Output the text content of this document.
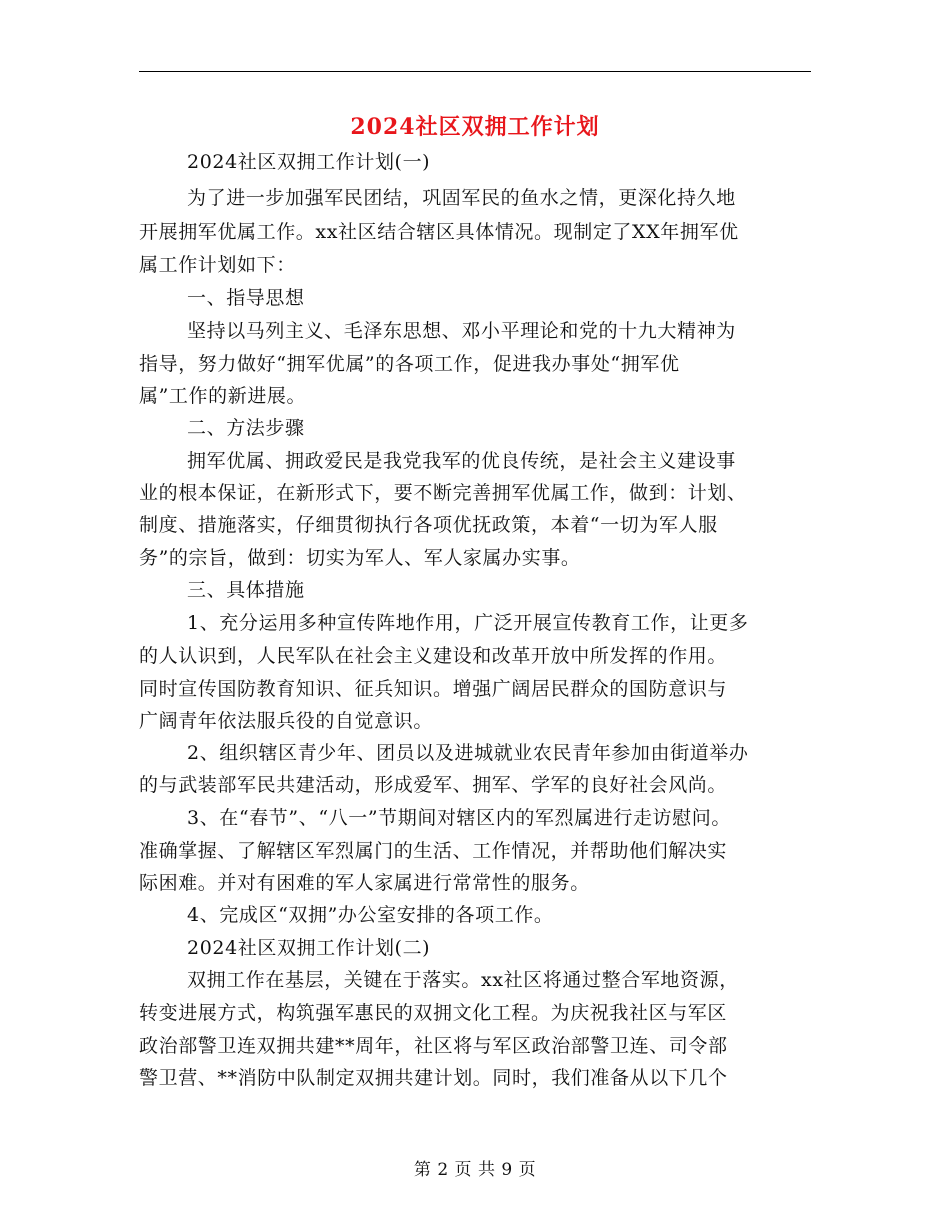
2024社区双拥工作计划
2024社区双拥工作计划(一)
为了进一步加强军民团结，巩固军民的鱼水之情，更深化持久地
开展拥军优属工作。xx社区结合辖区具体情况。现制定了XX年拥军优
属工作计划如下：
一、指导思想
坚持以马列主义、毛泽东思想、邓小平理论和党的十九大精神为
指导，努力做好“拥军优属”的各项工作，促进我办事处“拥军优
属”工作的新进展。
二、方法步骤
拥军优属、拥政爱民是我党我军的优良传统，是社会主义建设事
业的根本保证，在新形式下，要不断完善拥军优属工作，做到：计划、
制度、措施落实，仔细贯彻执行各项优抚政策，本着“一切为军人服
务”的宗旨，做到：切实为军人、军人家属办实事。
三、具体措施
1、充分运用多种宣传阵地作用，广泛开展宣传教育工作，让更多
的人认识到，人民军队在社会主义建设和改革开放中所发挥的作用。
同时宣传国防教育知识、征兵知识。增强广阔居民群众的国防意识与
广阔青年依法服兵役的自觉意识。
2、组织辖区青少年、团员以及进城就业农民青年参加由街道举办
的与武装部军民共建活动，形成爱军、拥军、学军的良好社会风尚。
3、在“春节”、“八一”节期间对辖区内的军烈属进行走访慰问。
准确掌握、了解辖区军烈属门的生活、工作情况，并帮助他们解决实
际困难。并对有困难的军人家属进行常常性的服务。
4、完成区“双拥”办公室安排的各项工作。
2024社区双拥工作计划(二)
双拥工作在基层，关键在于落实。xx社区将通过整合军地资源，
转变进展方式，构筑强军惠民的双拥文化工程。为庆祝我社区与军区
政治部警卫连双拥共建**周年，社区将与军区政治部警卫连、司令部
警卫营、**消防中队制定双拥共建计划。同时，我们准备从以下几个
第 2 页 共 9 页
